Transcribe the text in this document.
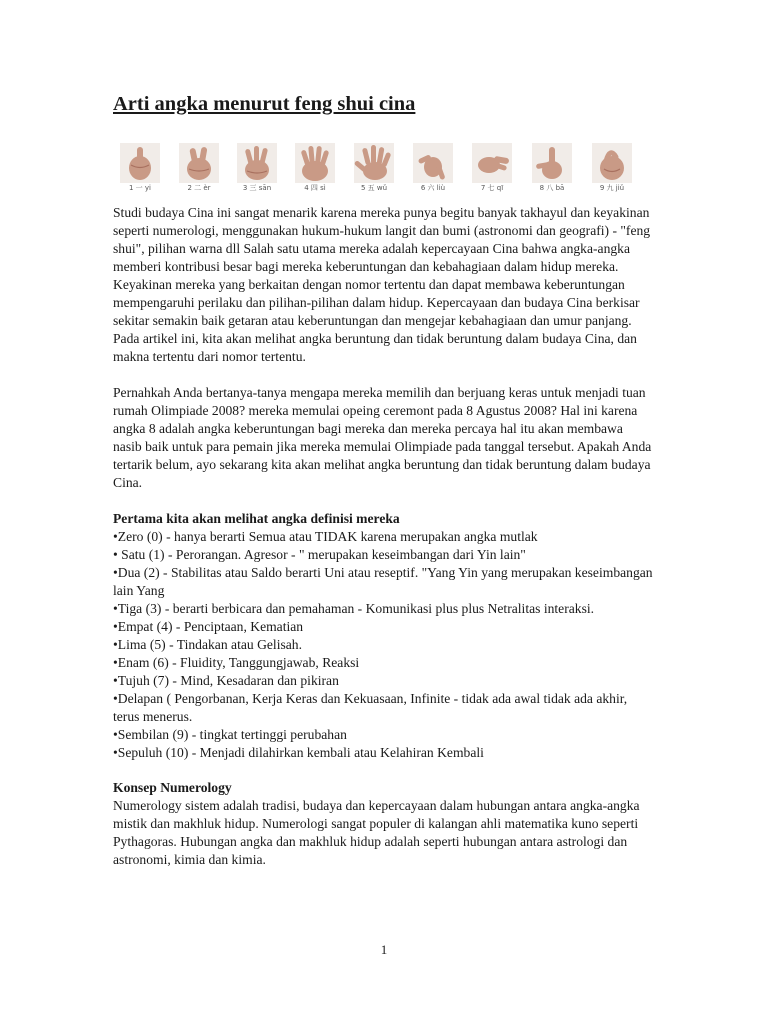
Arti angka menurut feng shui cina
1 一 yi	2 二 èr	3 三 sān	4 四 sì	5 五 wǔ	6 六 liù	7 七 qī	8 八 bā	9 九 jiǔ

Studi budaya Cina ini sangat menarik karena mereka punya begitu banyak takhayul dan keyakinan seperti numerologi, menggunakan hukum-hukum langit dan bumi (astronomi dan geografi) - "feng shui", pilihan warna dll Salah satu utama mereka adalah kepercayaan Cina bahwa angka-angka memberi kontribusi besar bagi mereka keberuntungan dan kebahagiaan dalam hidup mereka. Keyakinan mereka yang berkaitan dengan nomor tertentu dan dapat membawa keberuntungan mempengaruhi perilaku dan pilihan-pilihan dalam hidup. Kepercayaan dan budaya Cina berkisar sekitar semakin baik getaran atau keberuntungan dan mengejar kebahagiaan dan umur panjang. Pada artikel ini, kita akan melihat angka beruntung dan tidak beruntung dalam budaya Cina, dan makna tertentu dari nomor tertentu.

Pernahkah Anda bertanya-tanya mengapa mereka memilih dan berjuang keras untuk menjadi tuan rumah Olimpiade 2008? mereka memulai opeing ceremont pada 8 Agustus 2008? Hal ini karena angka 8 adalah angka keberuntungan bagi mereka dan mereka percaya hal itu akan membawa nasib baik untuk para pemain jika mereka memulai Olimpiade pada tanggal tersebut. Apakah Anda tertarik belum, ayo sekarang kita akan melihat angka beruntung dan tidak beruntung dalam budaya Cina.

Pertama kita akan melihat angka definisi mereka

•Zero (0) - hanya berarti Semua atau TIDAK karena merupakan angka mutlak

• Satu (1) - Perorangan. Agresor - " merupakan keseimbangan dari Yin lain"

•Dua (2) - Stabilitas atau Saldo berarti Uni atau reseptif. "Yang Yin yang merupakan keseimbangan lain Yang

•Tiga (3) - berarti berbicara dan pemahaman - Komunikasi plus plus Netralitas interaksi.

•Empat (4) - Penciptaan, Kematian

•Lima (5) - Tindakan atau Gelisah.

•Enam (6) - Fluidity, Tanggungjawab, Reaksi

•Tujuh (7) - Mind, Kesadaran dan pikiran

•Delapan ( Pengorbanan, Kerja Keras dan Kekuasaan, Infinite - tidak ada awal tidak ada akhir, terus menerus.

•Sembilan (9) - tingkat tertinggi perubahan

•Sepuluh (10) - Menjadi dilahirkan kembali atau Kelahiran Kembali

Konsep Numerology

Numerology sistem adalah tradisi, budaya dan kepercayaan dalam hubungan antara angka-angka mistik dan makhluk hidup. Numerologi sangat populer di kalangan ahli matematika kuno seperti Pythagoras. Hubungan angka dan makhluk hidup adalah seperti hubungan antara astrologi dan astronomi, kimia dan kimia.

1
